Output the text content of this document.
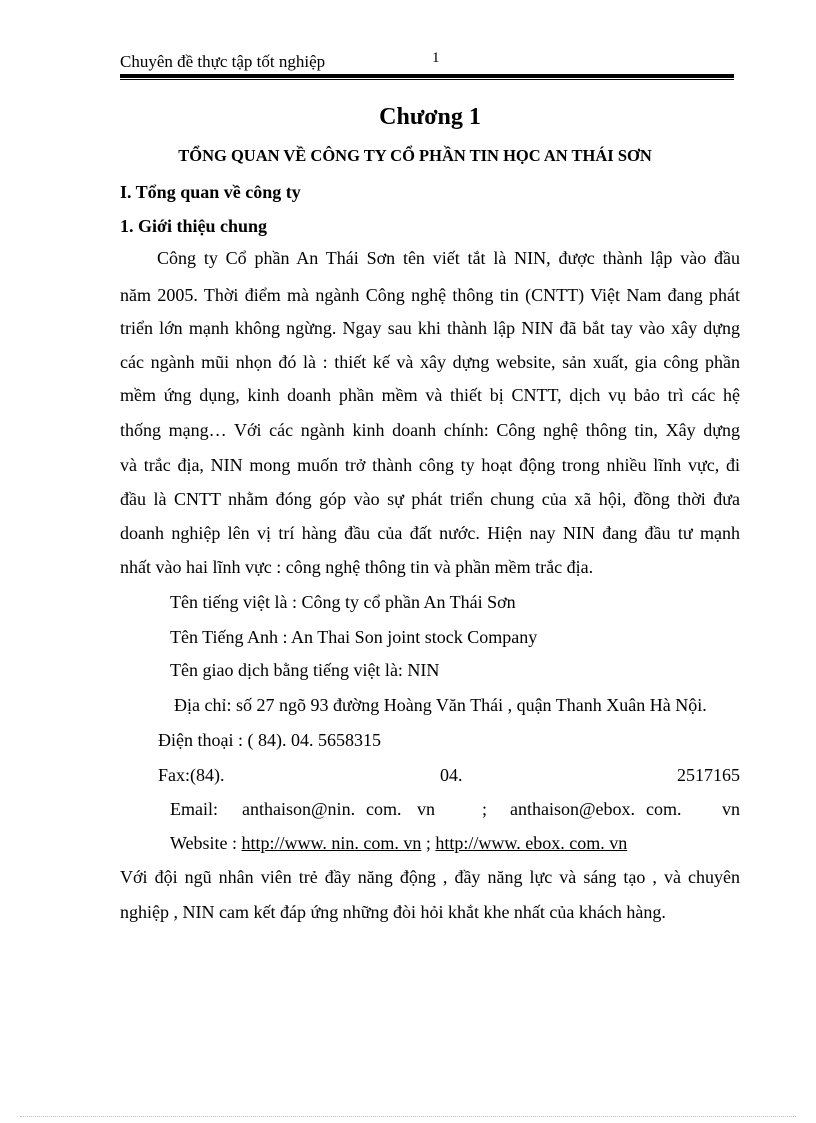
Chuyên đề thực tập tốt nghiệp	1
Chương 1
TỔNG QUAN VỀ CÔNG TY CỔ PHẦN TIN HỌC AN THÁI SƠN
I. Tổng quan về công ty
1. Giới thiệu chung
Công ty Cổ phần An Thái Sơn tên viết tắt là NIN, được thành lập vào đầu
năm 2005. Thời điểm mà ngành Công nghệ thông tin (CNTT) Việt Nam đang phát
triển lớn mạnh không ngừng. Ngay sau khi thành lập NIN đã bắt tay vào xây dựng
các ngành mũi nhọn đó là : thiết kế và xây dựng website, sản xuất, gia công phần
mềm ứng dụng, kinh doanh phần mềm và thiết bị CNTT, dịch vụ bảo trì các hệ
thống mạng… Với các ngành kinh doanh chính: Công nghệ thông tin, Xây dựng
và trắc địa, NIN mong muốn trở thành công ty hoạt động trong nhiều lĩnh vực, đi
đầu là CNTT nhằm đóng góp vào sự phát triển chung của xã hội, đồng thời đưa
doanh nghiệp lên vị trí hàng đầu của đất nước. Hiện nay NIN đang đầu tư mạnh
nhất vào hai lĩnh vực : công nghệ thông tin và phần mềm trắc địa.
Tên tiếng việt là : Công ty cổ phần An Thái Sơn
Tên Tiếng Anh : An Thai Son joint stock Company
Tên giao dịch bằng tiếng việt là: NIN
Địa chỉ: số 27 ngõ 93 đường Hoàng Văn Thái , quận Thanh Xuân Hà Nội.
Điện thoại : ( 84). 04. 5658315
Fax:(84).	04.	2517165
Email: anthaison@nin. com. vn	; anthaison@ebox. com. vn
Website : http://www. nin. com. vn ; http://www. ebox. com. vn
Với đội ngũ nhân viên trẻ đầy năng động , đầy năng lực và sáng tạo , và chuyên
nghiệp , NIN cam kết đáp ứng những đòi hỏi khắt khe nhất của khách hàng.
